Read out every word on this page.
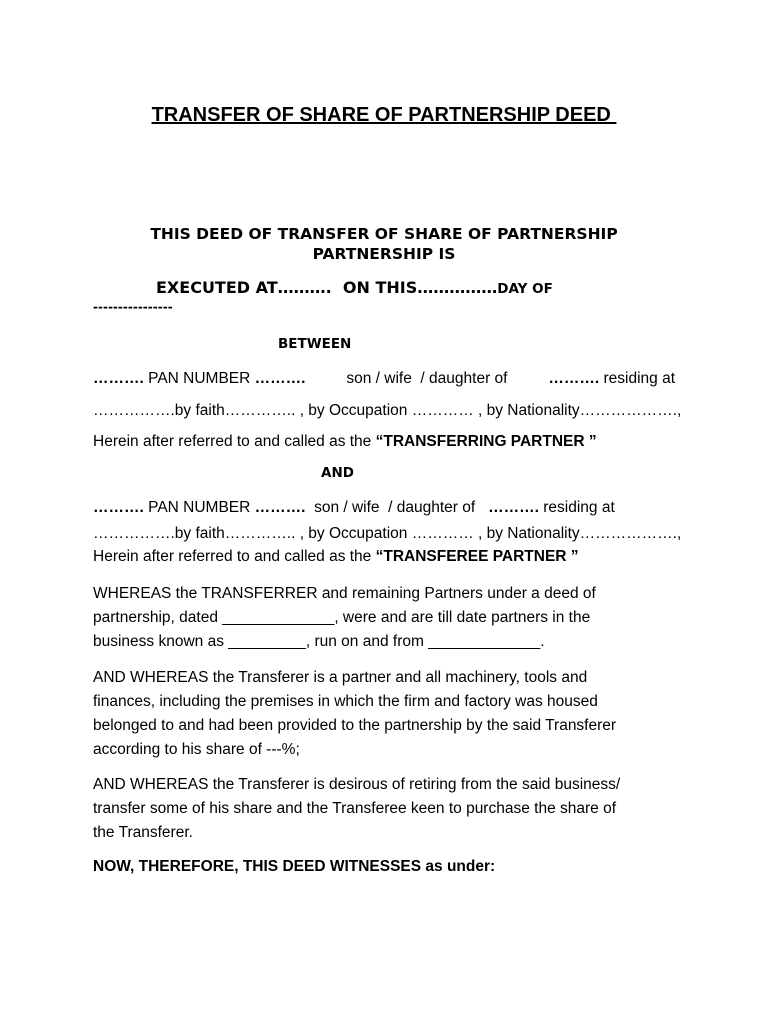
TRANSFER OF SHARE OF PARTNERSHIP DEED
THIS DEED OF TRANSFER OF SHARE OF PARTNERSHIP
PARTNERSHIP IS
EXECUTED AT……….  ON THIS……………DAY OF
----------------
BETWEEN
………. PAN NUMBER ……….	son / wife  / daughter of	………. residing at
…………….by faith………….. , by Occupation ………… , by Nationality……………….,
Herein after referred to and called as the “TRANSFERRING PARTNER ”
AND
………. PAN NUMBER ………. son / wife  / daughter of ………. residing at
…………….by faith………….. , by Occupation ………… , by Nationality……………….,
Herein after referred to and called as the “TRANSFEREE PARTNER ”
WHEREAS the TRANSFERRER and remaining Partners under a deed of
partnership, dated _____________, were and are till date partners in the
business known as _________, run on and from _____________.
AND WHEREAS the Transferer is a partner and all machinery, tools and
finances, including the premises in which the firm and factory was housed
belonged to and had been provided to the partnership by the said Transferer
according to his share of ---%;
AND WHEREAS the Transferer is desirous of retiring from the said business/
transfer some of his share and the Transferee keen to purchase the share of
the Transferer.
NOW, THEREFORE, THIS DEED WITNESSES as under:
